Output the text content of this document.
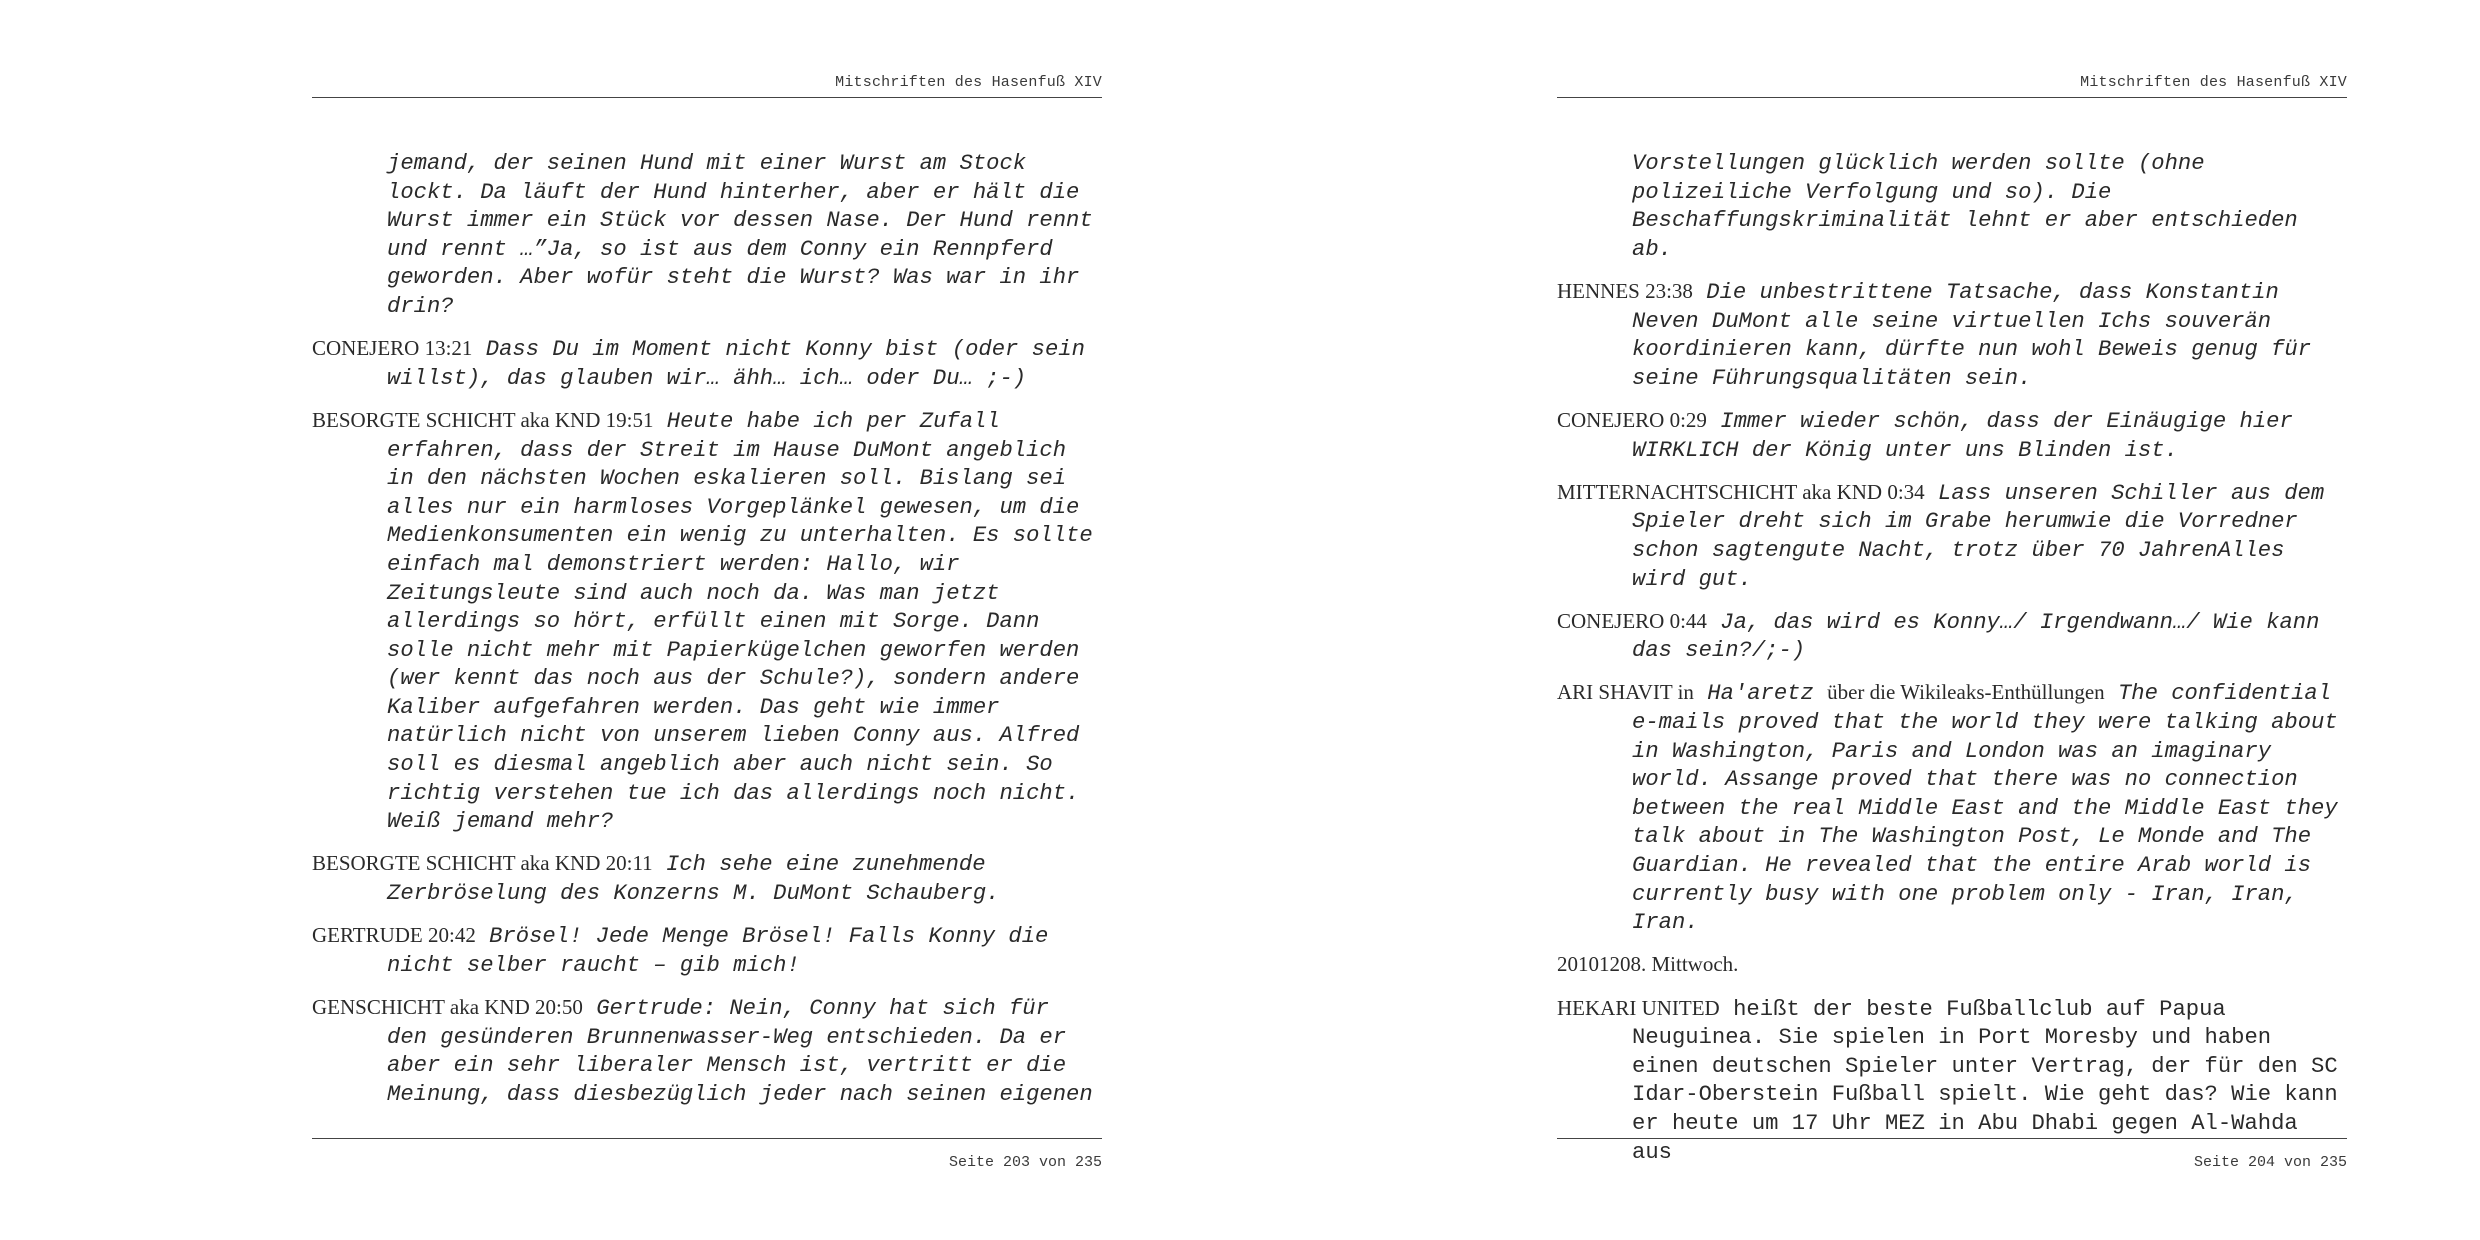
Mitschriften des Hasenfuß XIV

jemand, der seinen Hund mit einer Wurst am Stock lockt. Da läuft der Hund hinterher, aber er hält die Wurst immer ein Stück vor dessen Nase. Der Hund rennt und rennt …”Ja, so ist aus dem Conny ein Rennpferd geworden. Aber wofür steht die Wurst? Was war in ihr drin?

CONEJERO 13:21 Dass Du im Moment nicht Konny bist (oder sein willst), das glauben wir… ähh… ich… oder Du… ;-)

BESORGTE SCHICHT aka KND 19:51 Heute habe ich per Zufall erfahren, dass der Streit im Hause DuMont angeblich in den nächsten Wochen eskalieren soll. Bislang sei alles nur ein harmloses Vorgeplänkel gewesen, um die Medienkonsumenten ein wenig zu unterhalten. Es sollte einfach mal demonstriert werden: Hallo, wir Zeitungsleute sind auch noch da. Was man jetzt allerdings so hört, erfüllt einen mit Sorge. Dann solle nicht mehr mit Papierkügelchen geworfen werden (wer kennt das noch aus der Schule?), sondern andere Kaliber aufgefahren werden. Das geht wie immer natürlich nicht von unserem lieben Conny aus. Alfred soll es diesmal angeblich aber auch nicht sein. So richtig verstehen tue ich das allerdings noch nicht. Weiß jemand mehr?

BESORGTE SCHICHT aka KND 20:11 Ich sehe eine zunehmende Zerbröselung des Konzerns M. DuMont Schauberg.

GERTRUDE 20:42 Brösel! Jede Menge Brösel! Falls Konny die nicht selber raucht – gib mich!

GENSCHICHT aka KND 20:50 Gertrude: Nein, Conny hat sich für den gesünderen Brunnenwasser-Weg entschieden. Da er aber ein sehr liberaler Mensch ist, vertritt er die Meinung, dass diesbezüglich jeder nach seinen eigenen

Seite 203 von 235
Mitschriften des Hasenfuß XIV

Vorstellungen glücklich werden sollte (ohne polizeiliche Verfolgung und so). Die Beschaffungskriminalität lehnt er aber entschieden ab.

HENNES 23:38 Die unbestrittene Tatsache, dass Konstantin Neven DuMont alle seine virtuellen Ichs souverän koordinieren kann, dürfte nun wohl Beweis genug für seine Führungsqualitäten sein.

CONEJERO 0:29 Immer wieder schön, dass der Einäugige hier WIRKLICH der König unter uns Blinden ist.

MITTERNACHTSCHICHT aka KND 0:34 Lass unseren Schiller aus dem Spieler dreht sich im Grabe herumwie die Vorredner schon sagtengute Nacht, trotz über 70 JahrenAlles wird gut.

CONEJERO 0:44 Ja, das wird es Konny…/ Irgendwann…/ Wie kann das sein?/;-)

ARI SHAVIT in Ha'aretz über die Wikileaks-Enthüllungen The confidential e-mails proved that the world they were talking about in Washington, Paris and London was an imaginary world. Assange proved that there was no connection between the real Middle East and the Middle East they talk about in The Washington Post, Le Monde and The Guardian. He revealed that the entire Arab world is currently busy with one problem only - Iran, Iran, Iran.

20101208. Mittwoch.

HEKARI UNITED heißt der beste Fußballclub auf Papua Neuguinea. Sie spielen in Port Moresby und haben einen deutschen Spieler unter Vertrag, der für den SC Idar-Oberstein Fußball spielt. Wie geht das? Wie kann er heute um 17 Uhr MEZ in Abu Dhabi gegen Al-Wahda aus	Seite 204 von 235
